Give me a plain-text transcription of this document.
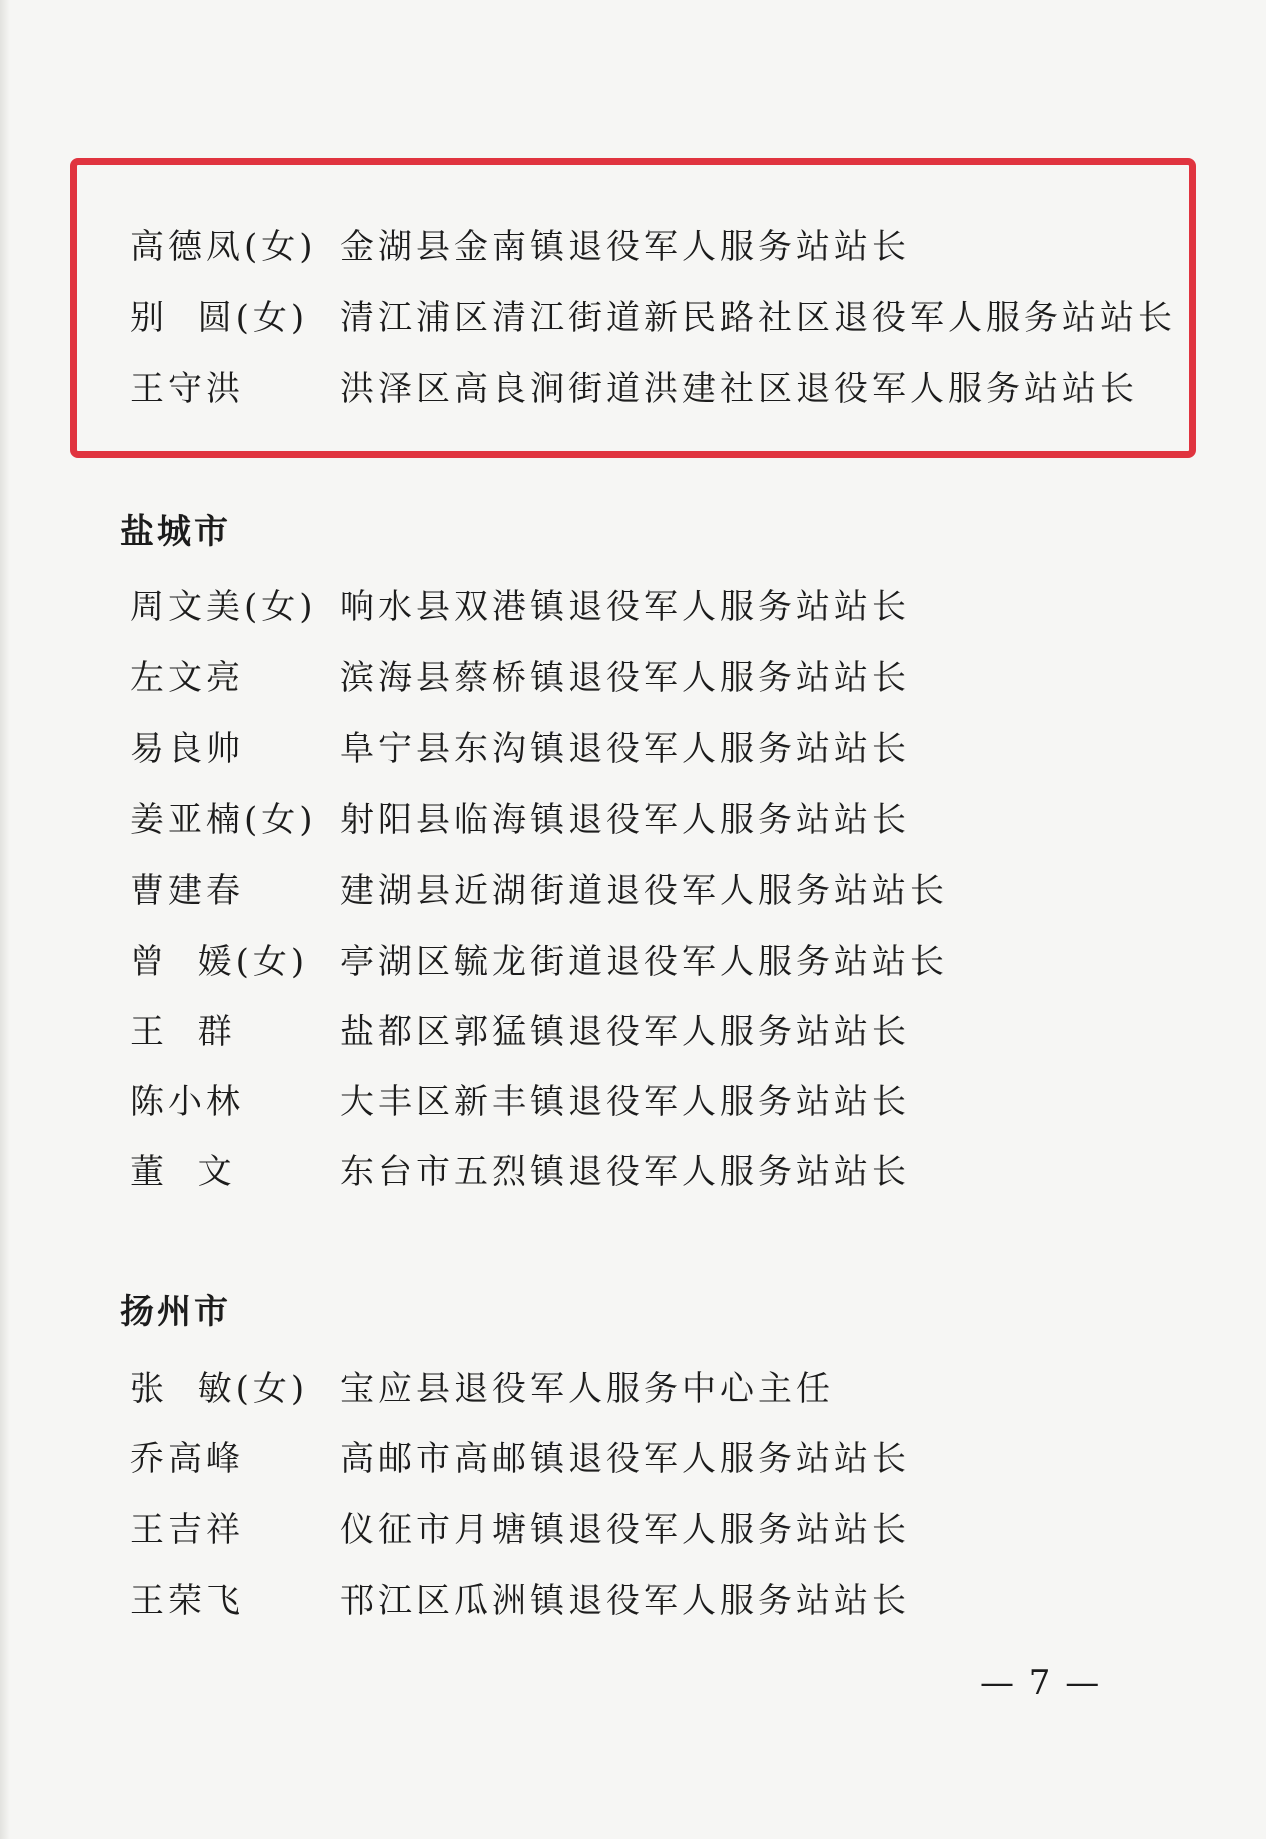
高德凤(女) 金湖县金南镇退役军人服务站站长
别  圆(女) 清江浦区清江街道新民路社区退役军人服务站站长
王守洪	洪泽区高良涧街道洪建社区退役军人服务站站长
盐城市
周文美(女) 响水县双港镇退役军人服务站站长
左文亮	滨海县蔡桥镇退役军人服务站站长
易良帅	阜宁县东沟镇退役军人服务站站长
姜亚楠(女) 射阳县临海镇退役军人服务站站长
曹建春	建湖县近湖街道退役军人服务站站长
曾  媛(女) 亭湖区毓龙街道退役军人服务站站长
王  群	盐都区郭猛镇退役军人服务站站长
陈小林	大丰区新丰镇退役军人服务站站长
董  文	东台市五烈镇退役军人服务站站长
扬州市
张  敏(女) 宝应县退役军人服务中心主任
乔高峰	高邮市高邮镇退役军人服务站站长
王吉祥	仪征市月塘镇退役军人服务站站长
王荣飞	邗江区瓜洲镇退役军人服务站站长
— 7 —
